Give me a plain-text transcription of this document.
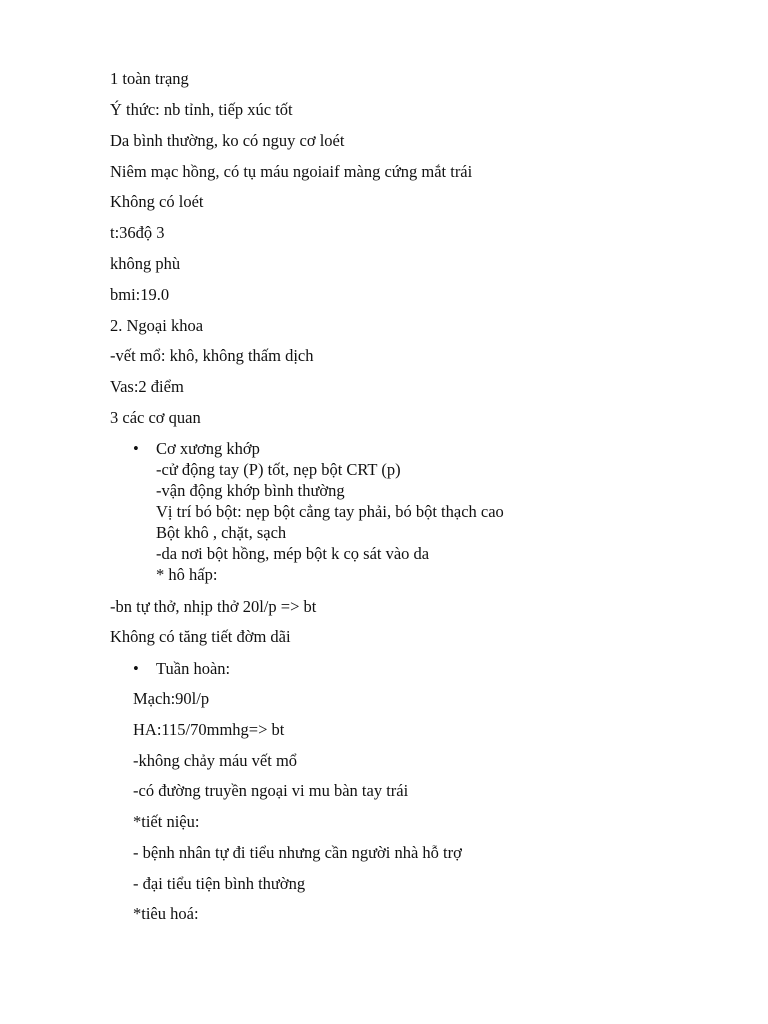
1 toàn trạng

Ý thức: nb tỉnh, tiếp xúc tốt

Da bình thường, ko có nguy cơ loét

Niêm mạc hồng, có tụ máu ngoiaif màng cứng mắt trái

Không có loét

t:36độ 3

không phù

bmi:19.0

2. Ngoại khoa

-vết mổ: khô, không thấm dịch

Vas:2 điểm

3 các cơ quan

•	Cơ xương khớp
-cử động tay (P) tốt, nẹp bột CRT (p)
-vận động khớp bình thường
Vị trí bó bột: nẹp bột cẳng tay phải, bó bột thạch cao
Bột khô , chặt, sạch
-da nơi bột hồng, mép bột k cọ sát vào da
* hô hấp:

-bn tự thở, nhịp thở 20l/p => bt

Không có tăng tiết đờm dãi

•	Tuần hoàn:

Mạch:90l/p

HA:115/70mmhg=> bt

-không chảy máu vết mổ

-có đường truyền ngoại vi mu bàn tay trái

*tiết niệu:

- bệnh nhân tự đi tiểu nhưng cần người nhà hỗ trợ

- đại tiểu tiện bình thường

*tiêu hoá:
